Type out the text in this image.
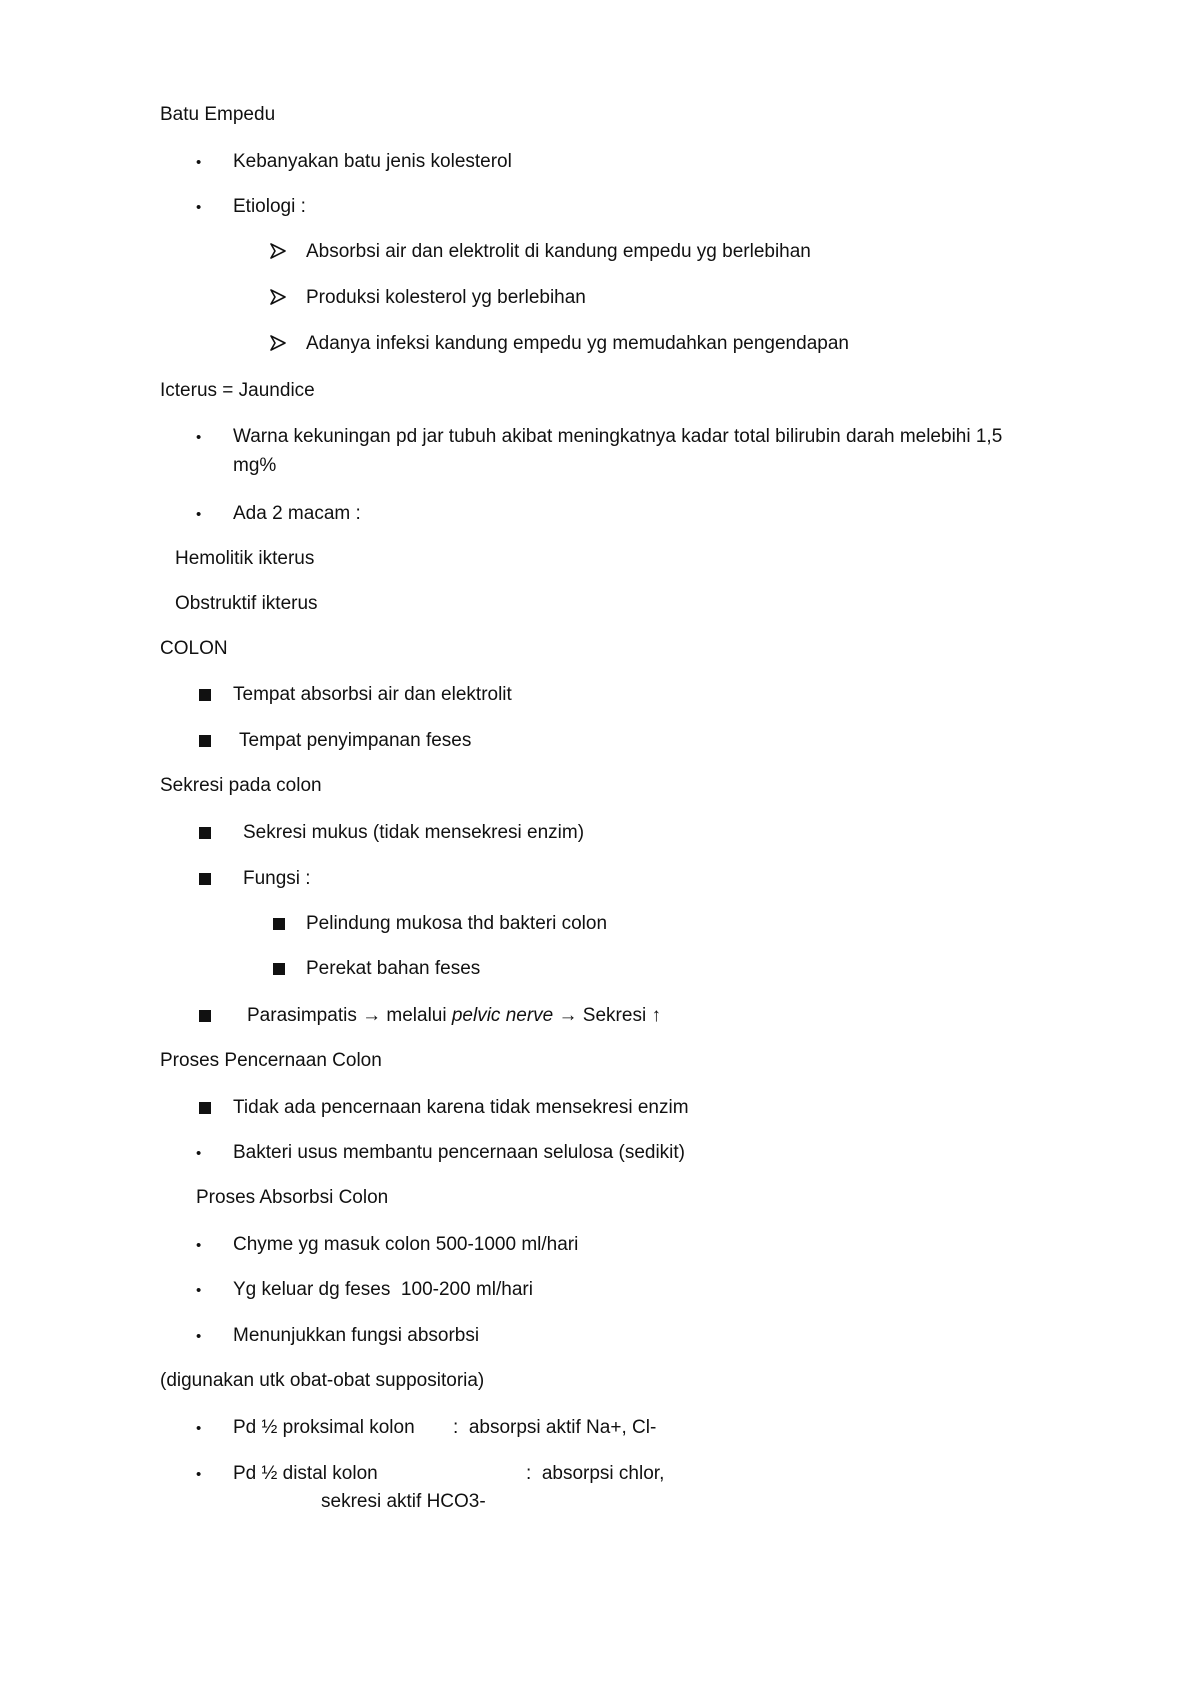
Batu Empedu
• Kebanyakan batu jenis kolesterol
• Etiologi :
Absorbsi air dan elektrolit di kandung empedu yg berlebihan
Produksi kolesterol yg berlebihan
Adanya infeksi kandung empedu yg memudahkan pengendapan
Icterus = Jaundice
• Warna kekuningan pd jar tubuh akibat meningkatnya kadar total bilirubin darah melebihi 1,5
mg%
• Ada 2 macam :
Hemolitik ikterus
Obstruktif ikterus
COLON
Tempat absorbsi air dan elektrolit
Tempat penyimpanan feses
Sekresi pada colon
Sekresi mukus (tidak mensekresi enzim)
Fungsi :
Pelindung mukosa thd bakteri colon
Perekat bahan feses
Parasimpatis → melalui pelvic nerve → Sekresi ↑
Proses Pencernaan Colon
Tidak ada pencernaan karena tidak mensekresi enzim
• Bakteri usus membantu pencernaan selulosa (sedikit)
Proses Absorbsi Colon
• Chyme yg masuk colon 500-1000 ml/hari
• Yg keluar dg feses  100-200 ml/hari
• Menunjukkan fungsi absorbsi
(digunakan utk obat-obat suppositoria)
• Pd ½ proksimal kolon :  absorpsi aktif Na+, Cl-
• Pd ½ distal kolon	:  absorpsi chlor,
sekresi aktif HCO3-
